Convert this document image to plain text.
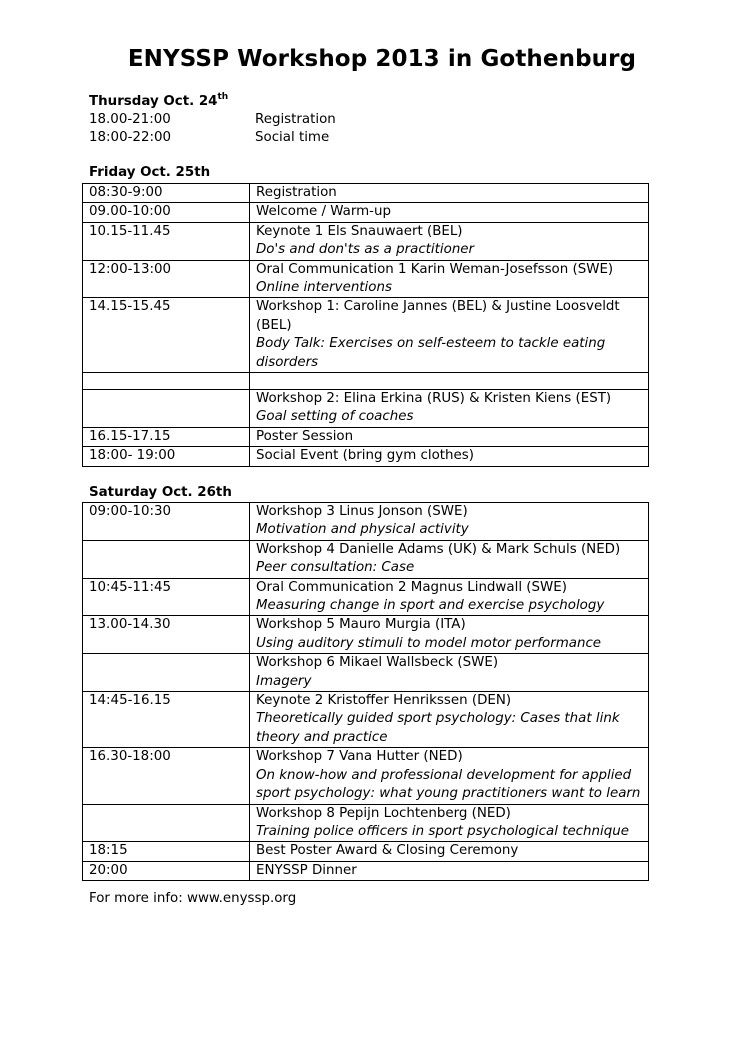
ENYSSP Workshop 2013 in Gothenburg
Thursday Oct. 24th
18.00-21:00	Registration
18:00-22:00	Social time
Friday Oct. 25th
08:30-9:00	Registration
09.00-10:00	Welcome / Warm-up
10.15-11.45	Keynote 1 Els Snauwaert (BEL)
Do's and don'ts as a practitioner

12:00-13:00	Oral Communication 1 Karin Weman-Josefsson (SWE)
Online interventions

14.15-15.45	Workshop 1: Caroline Jannes (BEL) & Justine Loosveldt (BEL)
Body Talk: Exercises on self-esteem to tackle eating disorders

	Workshop 2: Elina Erkina (RUS) & Kristen Kiens (EST)
Goal setting of coaches

16.15-17.15	Poster Session
18:00- 19:00	Social Event (bring gym clothes)
Saturday Oct. 26th
09:00-10:30	Workshop 3 Linus Jonson (SWE)
Motivation and physical activity

	Workshop 4 Danielle Adams (UK) & Mark Schuls (NED)
Peer consultation: Case

10:45-11:45	Oral Communication 2 Magnus Lindwall (SWE)
Measuring change in sport and exercise psychology

13.00-14.30	Workshop 5 Mauro Murgia (ITA)
Using auditory stimuli to model motor performance

	Workshop 6 Mikael Wallsbeck (SWE)
Imagery

14:45-16.15	Keynote 2 Kristoffer Henrikssen (DEN)
Theoretically guided sport psychology: Cases that link theory and practice

16.30-18:00	Workshop 7 Vana Hutter (NED)
On know-how and professional development for applied sport psychology: what young practitioners want to learn

	Workshop 8 Pepijn Lochtenberg (NED)
Training police officers in sport psychological technique

18:15	Best Poster Award & Closing Ceremony
20:00	ENYSSP Dinner
For more info: www.enyssp.org
